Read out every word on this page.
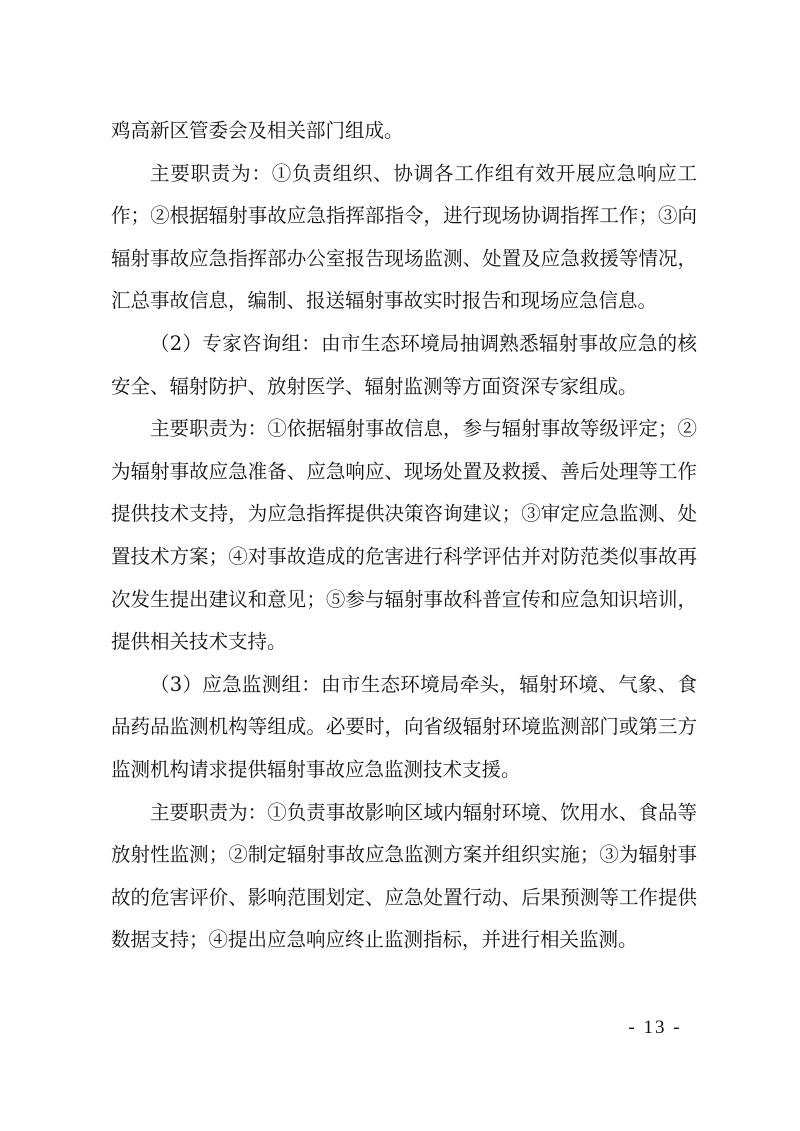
鸡高新区管委会及相关部门组成。

主要职责为：①负责组织、协调各工作组有效开展应急响应工作；②根据辐射事故应急指挥部指令，进行现场协调指挥工作；③向辐射事故应急指挥部办公室报告现场监测、处置及应急救援等情况，汇总事故信息，编制、报送辐射事故实时报告和现场应急信息。

（2）专家咨询组：由市生态环境局抽调熟悉辐射事故应急的核安全、辐射防护、放射医学、辐射监测等方面资深专家组成。

主要职责为：①依据辐射事故信息，参与辐射事故等级评定；②为辐射事故应急准备、应急响应、现场处置及救援、善后处理等工作提供技术支持，为应急指挥提供决策咨询建议；③审定应急监测、处置技术方案；④对事故造成的危害进行科学评估并对防范类似事故再次发生提出建议和意见；⑤参与辐射事故科普宣传和应急知识培训，提供相关技术支持。

（3）应急监测组：由市生态环境局牵头，辐射环境、气象、食品药品监测机构等组成。必要时，向省级辐射环境监测部门或第三方监测机构请求提供辐射事故应急监测技术支援。

主要职责为：①负责事故影响区域内辐射环境、饮用水、食品等放射性监测；②制定辐射事故应急监测方案并组织实施；③为辐射事故的危害评价、影响范围划定、应急处置行动、后果预测等工作提供数据支持；④提出应急响应终止监测指标，并进行相关监测。

- 13 -
